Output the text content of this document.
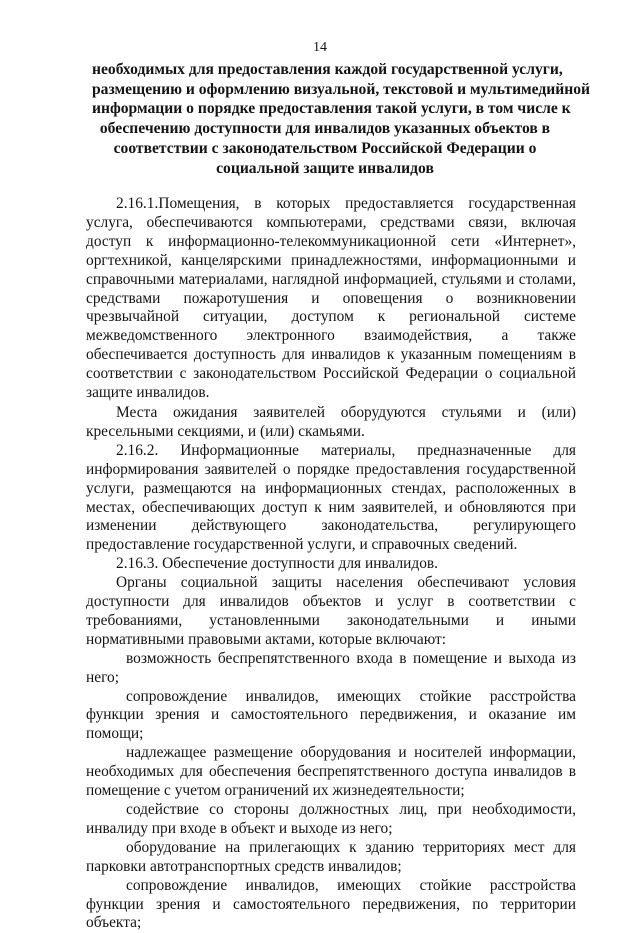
14
необходимых для предоставления каждой государственной услуги,
размещению и оформлению визуальной, текстовой и мультимедийной
информации о порядке предоставления такой услуги, в том числе к
обеспечению доступности для инвалидов указанных объектов в
соответствии с законодательством Российской Федерации о
социальной защите инвалидов

2.16.1.Помещения, в которых предоставляется государственная услуга, обеспечиваются компьютерами, средствами связи, включая доступ к информационно-телекоммуникационной сети «Интернет», оргтехникой, канцелярскими принадлежностями, информационными и справочными материалами, наглядной информацией, стульями и столами, средствами пожаротушения и оповещения о возникновении чрезвычайной ситуации, доступом к региональной системе межведомственного электронного взаимодействия, а также обеспечивается доступность для инвалидов к указанным помещениям в соответствии с законодательством Российской Федерации о социальной защите инвалидов.

Места ожидания заявителей оборудуются стульями и (или) кресельными секциями, и (или) скамьями.

2.16.2. Информационные материалы, предназначенные для информирования заявителей о порядке предоставления государственной услуги, размещаются на информационных стендах, расположенных в местах, обеспечивающих доступ к ним заявителей, и обновляются при изменении действующего законодательства, регулирующего предоставление государственной услуги, и справочных сведений.

2.16.3. Обеспечение доступности для инвалидов.

Органы социальной защиты населения обеспечивают условия доступности для инвалидов объектов и услуг в соответствии с требованиями, установленными законодательными и иными нормативными правовыми актами, которые включают:

возможность беспрепятственного входа в помещение и выхода из него;

сопровождение инвалидов, имеющих стойкие расстройства функции зрения и самостоятельного передвижения, и оказание им помощи;

надлежащее размещение оборудования и носителей информации, необходимых для обеспечения беспрепятственного доступа инвалидов в помещение с учетом ограничений их жизнедеятельности;

содействие со стороны должностных лиц, при необходимости, инвалиду при входе в объект и выходе из него;

оборудование на прилегающих к зданию территориях мест для парковки автотранспортных средств инвалидов;

сопровождение инвалидов, имеющих стойкие расстройства функции зрения и самостоятельного передвижения, по территории объекта;
